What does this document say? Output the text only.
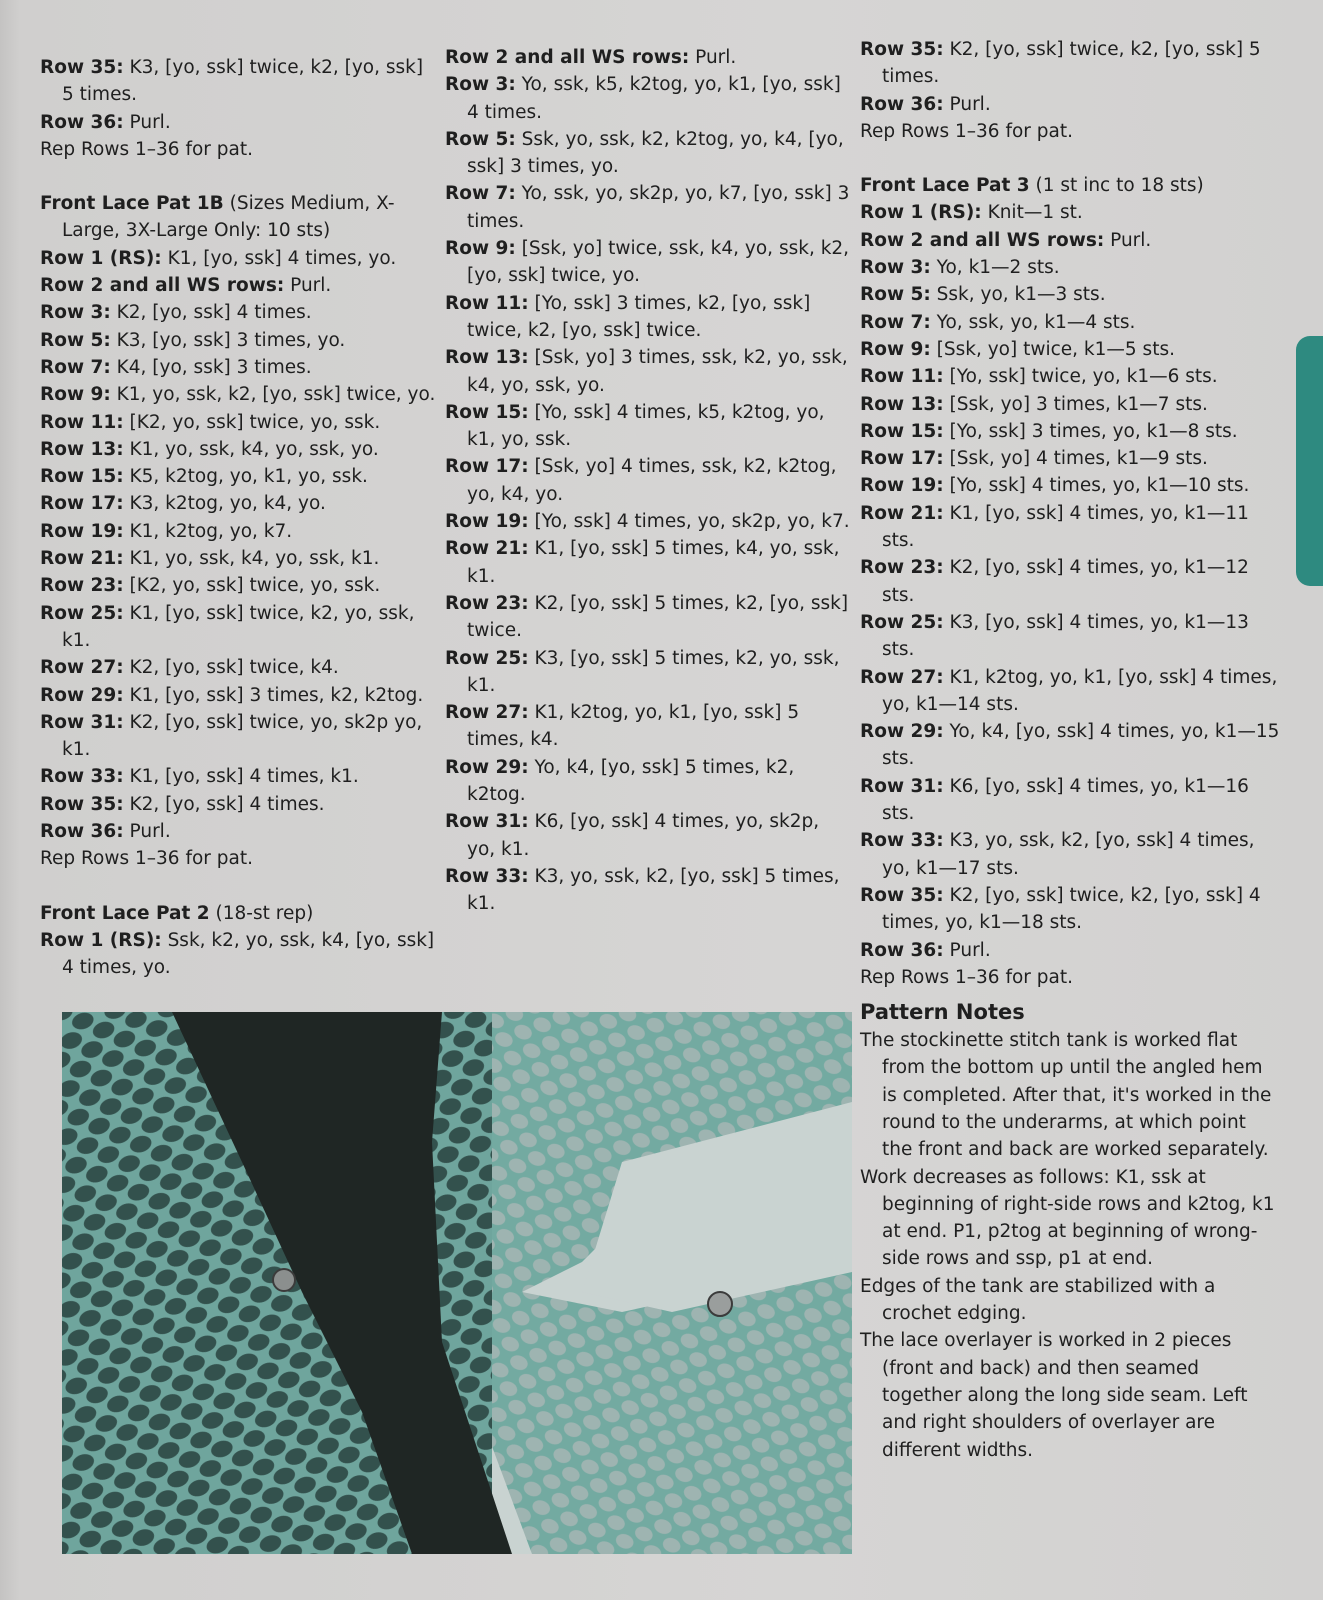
Row 35: K3, [yo, ssk] twice, k2, [yo, ssk] 5 times.
Row 36: Purl.
Rep Rows 1–36 for pat.
Front Lace Pat 1B (Sizes Medium, X-Large, 3X-Large Only: 10 sts)
Row 1 (RS): K1, [yo, ssk] 4 times, yo.
Row 2 and all WS rows: Purl.
Row 3: K2, [yo, ssk] 4 times.
Row 5: K3, [yo, ssk] 3 times, yo.
Row 7: K4, [yo, ssk] 3 times.
Row 9: K1, yo, ssk, k2, [yo, ssk] twice, yo.
Row 11: [K2, yo, ssk] twice, yo, ssk.
Row 13: K1, yo, ssk, k4, yo, ssk, yo.
Row 15: K5, k2tog, yo, k1, yo, ssk.
Row 17: K3, k2tog, yo, k4, yo.
Row 19: K1, k2tog, yo, k7.
Row 21: K1, yo, ssk, k4, yo, ssk, k1.
Row 23: [K2, yo, ssk] twice, yo, ssk.
Row 25: K1, [yo, ssk] twice, k2, yo, ssk, k1.
Row 27: K2, [yo, ssk] twice, k4.
Row 29: K1, [yo, ssk] 3 times, k2, k2tog.
Row 31: K2, [yo, ssk] twice, yo, sk2p yo, k1.
Row 33: K1, [yo, ssk] 4 times, k1.
Row 35: K2, [yo, ssk] 4 times.
Row 36: Purl.
Rep Rows 1–36 for pat.
Front Lace Pat 2 (18-st rep)
Row 1 (RS): Ssk, k2, yo, ssk, k4, [yo, ssk] 4 times, yo.
Row 2 and all WS rows: Purl.
Row 3: Yo, ssk, k5, k2tog, yo, k1, [yo, ssk] 4 times.
Row 5: Ssk, yo, ssk, k2, k2tog, yo, k4, [yo, ssk] 3 times, yo.
Row 7: Yo, ssk, yo, sk2p, yo, k7, [yo, ssk] 3 times.
Row 9: [Ssk, yo] twice, ssk, k4, yo, ssk, k2, [yo, ssk] twice, yo.
Row 11: [Yo, ssk] 3 times, k2, [yo, ssk] twice, k2, [yo, ssk] twice.
Row 13: [Ssk, yo] 3 times, ssk, k2, yo, ssk, k4, yo, ssk, yo.
Row 15: [Yo, ssk] 4 times, k5, k2tog, yo, k1, yo, ssk.
Row 17: [Ssk, yo] 4 times, ssk, k2, k2tog, yo, k4, yo.
Row 19: [Yo, ssk] 4 times, yo, sk2p, yo, k7.
Row 21: K1, [yo, ssk] 5 times, k4, yo, ssk, k1.
Row 23: K2, [yo, ssk] 5 times, k2, [yo, ssk] twice.
Row 25: K3, [yo, ssk] 5 times, k2, yo, ssk, k1.
Row 27: K1, k2tog, yo, k1, [yo, ssk] 5 times, k4.
Row 29: Yo, k4, [yo, ssk] 5 times, k2, k2tog.
Row 31: K6, [yo, ssk] 4 times, yo, sk2p, yo, k1.
Row 33: K3, yo, ssk, k2, [yo, ssk] 5 times, k1.
Row 35: K2, [yo, ssk] twice, k2, [yo, ssk] 5 times.
Row 36: Purl.
Rep Rows 1–36 for pat.
Front Lace Pat 3 (1 st inc to 18 sts)
Row 1 (RS): Knit—1 st.
Row 2 and all WS rows: Purl.
Row 3: Yo, k1—2 sts.
Row 5: Ssk, yo, k1—3 sts.
Row 7: Yo, ssk, yo, k1—4 sts.
Row 9: [Ssk, yo] twice, k1—5 sts.
Row 11: [Yo, ssk] twice, yo, k1—6 sts.
Row 13: [Ssk, yo] 3 times, k1—7 sts.
Row 15: [Yo, ssk] 3 times, yo, k1—8 sts.
Row 17: [Ssk, yo] 4 times, k1—9 sts.
Row 19: [Yo, ssk] 4 times, yo, k1—10 sts.
Row 21: K1, [yo, ssk] 4 times, yo, k1—11 sts.
Row 23: K2, [yo, ssk] 4 times, yo, k1—12 sts.
Row 25: K3, [yo, ssk] 4 times, yo, k1—13 sts.
Row 27: K1, k2tog, yo, k1, [yo, ssk] 4 times, yo, k1—14 sts.
Row 29: Yo, k4, [yo, ssk] 4 times, yo, k1—15 sts.
Row 31: K6, [yo, ssk] 4 times, yo, k1—16 sts.
Row 33: K3, yo, ssk, k2, [yo, ssk] 4 times, yo, k1—17 sts.
Row 35: K2, [yo, ssk] twice, k2, [yo, ssk] 4 times, yo, k1—18 sts.
Row 36: Purl.
Rep Rows 1–36 for pat.
Pattern Notes
The stockinette stitch tank is worked flat from the bottom up until the angled hem is completed. After that, it's worked in the round to the underarms, at which point the front and back are worked separately.
Work decreases as follows: K1, ssk at beginning of right-side rows and k2tog, k1 at end. P1, p2tog at beginning of wrong-side rows and ssp, p1 at end.
Edges of the tank are stabilized with a crochet edging.
The lace overlayer is worked in 2 pieces (front and back) and then seamed together along the long side seam. Left and right shoulders of overlayer are different widths.
